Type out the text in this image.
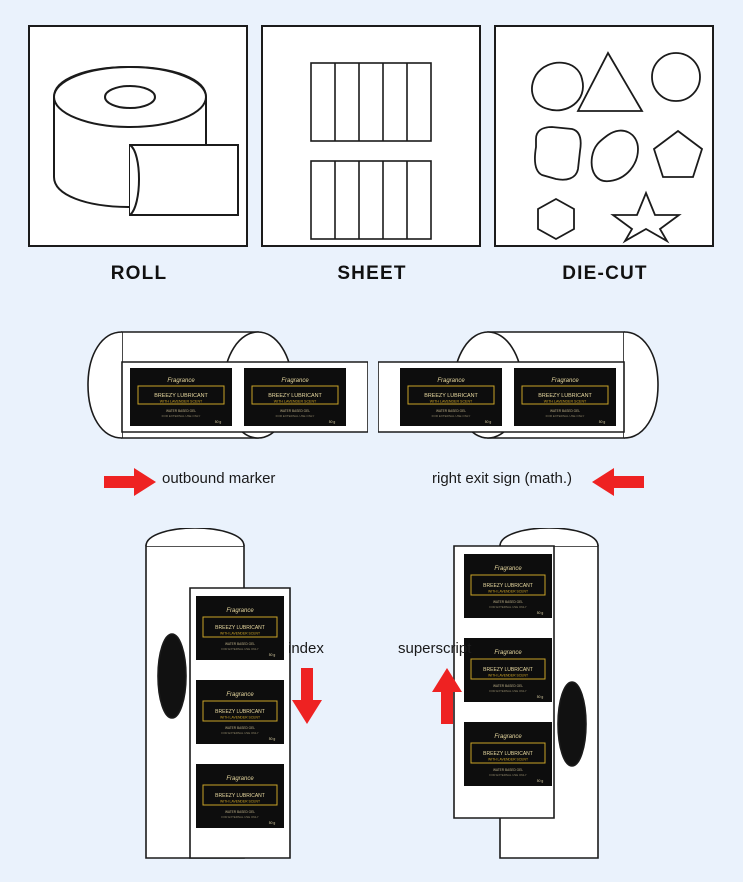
ROLL	SHEET	DIE-CUT
Fragrance
BREEZY LUBRICANT
WITH LAVENDER SCENT
WATER BASED GEL
FOR EXTERNAL USE ONLY
50 g
Fragrance
BREEZY LUBRICANT
WITH LAVENDER SCENT
WATER BASED GEL
FOR EXTERNAL USE ONLY
50 g
outbound marker
Fragrance
BREEZY LUBRICANT
WITH LAVENDER SCENT
WATER BASED GEL
FOR EXTERNAL USE ONLY
50 g
Fragrance
BREEZY LUBRICANT
WITH LAVENDER SCENT
WATER BASED GEL
FOR EXTERNAL USE ONLY
50 g
right exit sign (math.)
Fragrance
BREEZY LUBRICANT
WITH LAVENDER SCENT
WATER BASED GEL
FOR EXTERNAL USE ONLY
50 g
Fragrance
BREEZY LUBRICANT
WITH LAVENDER SCENT
WATER BASED GEL
FOR EXTERNAL USE ONLY
50 g
Fragrance
BREEZY LUBRICANT
WITH LAVENDER SCENT
WATER BASED GEL
FOR EXTERNAL USE ONLY
50 g
index
Fragrance
BREEZY LUBRICANT
WITH LAVENDER SCENT
WATER BASED GEL
FOR EXTERNAL USE ONLY
50 g
Fragrance
BREEZY LUBRICANT
WITH LAVENDER SCENT
WATER BASED GEL
FOR EXTERNAL USE ONLY
50 g
Fragrance
BREEZY LUBRICANT
WITH LAVENDER SCENT
WATER BASED GEL
FOR EXTERNAL USE ONLY
50 g
superscript
